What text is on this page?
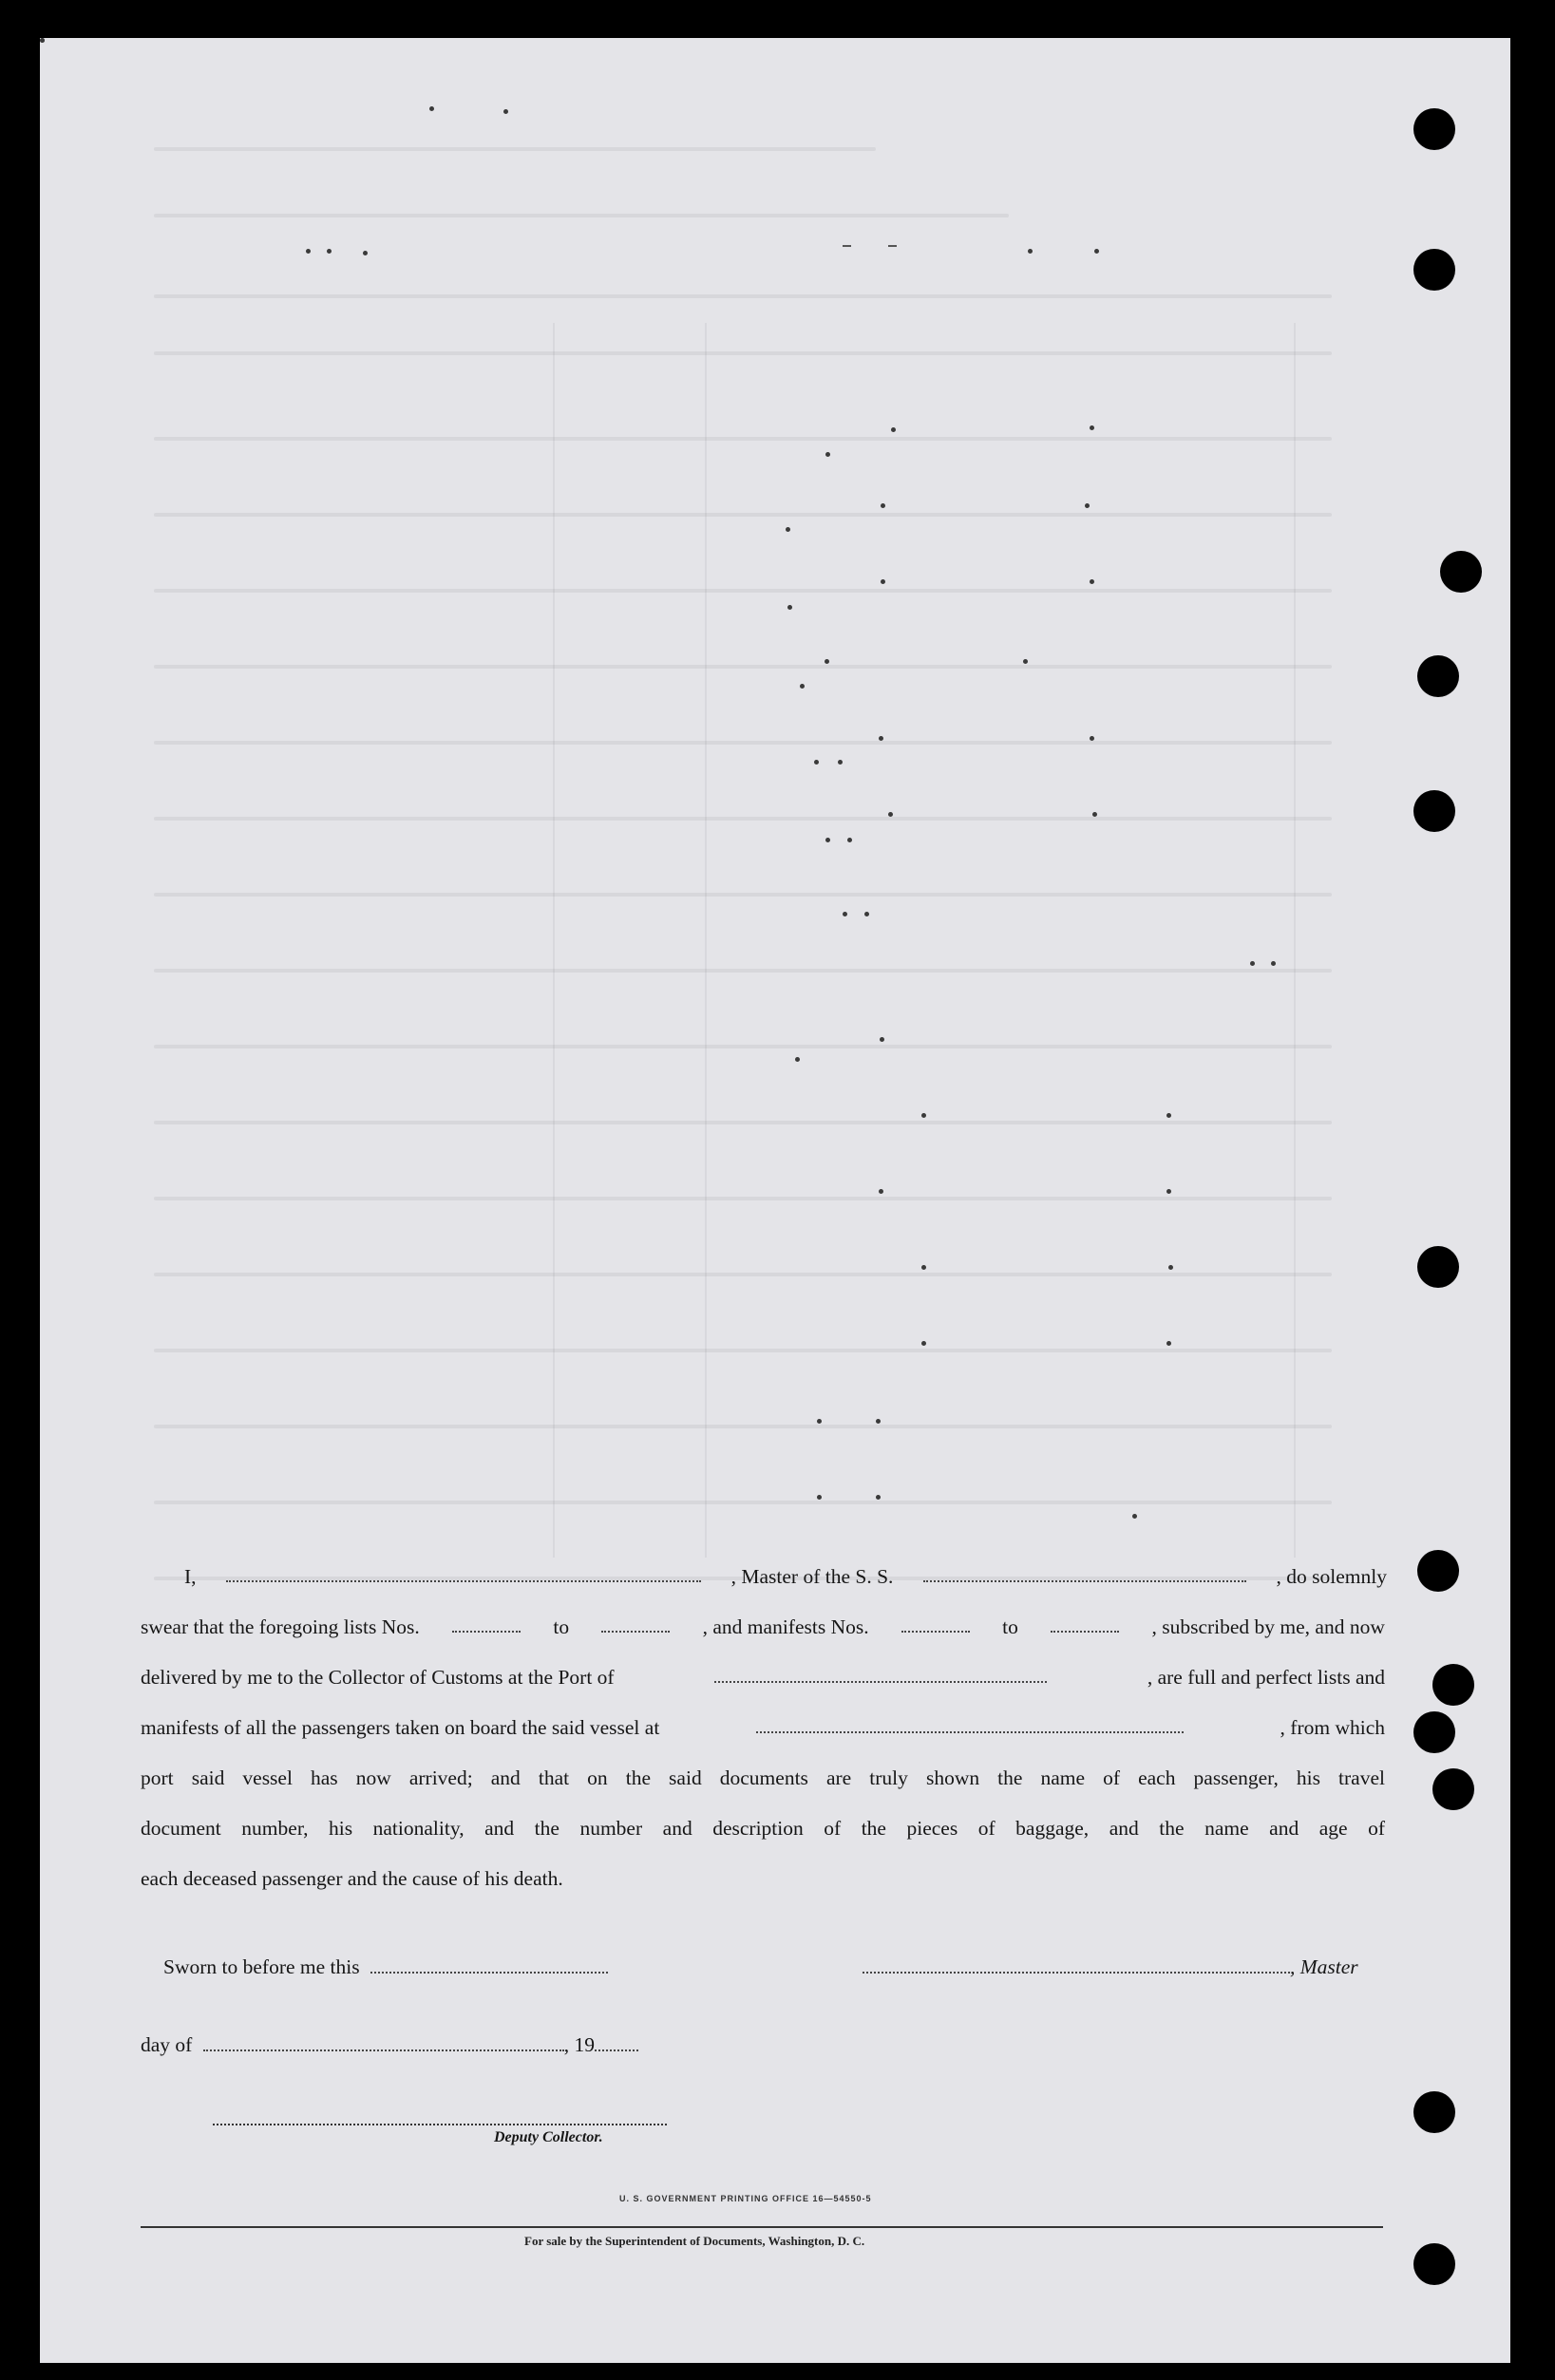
I,	, Master of the S. S.	, do solemnly
swear that the foregoing lists Nos.	to	, and manifests Nos.	to	, subscribed by me, and now
delivered by me to the Collector of Customs at the Port of	, are full and perfect lists and
manifests of all the passengers taken on board the said vessel at	, from which
port said vessel has now arrived; and that on the said documents are truly shown the name of each passenger, his travel
document number, his nationality, and the number and description of the pieces of baggage, and the name and age of
each deceased passenger and the cause of his death.
Sworn to before me this	, Master
day of	, 19
Deputy Collector.
U. S. GOVERNMENT PRINTING OFFICE 16—54550-5
For sale by the Superintendent of Documents, Washington, D. C.
